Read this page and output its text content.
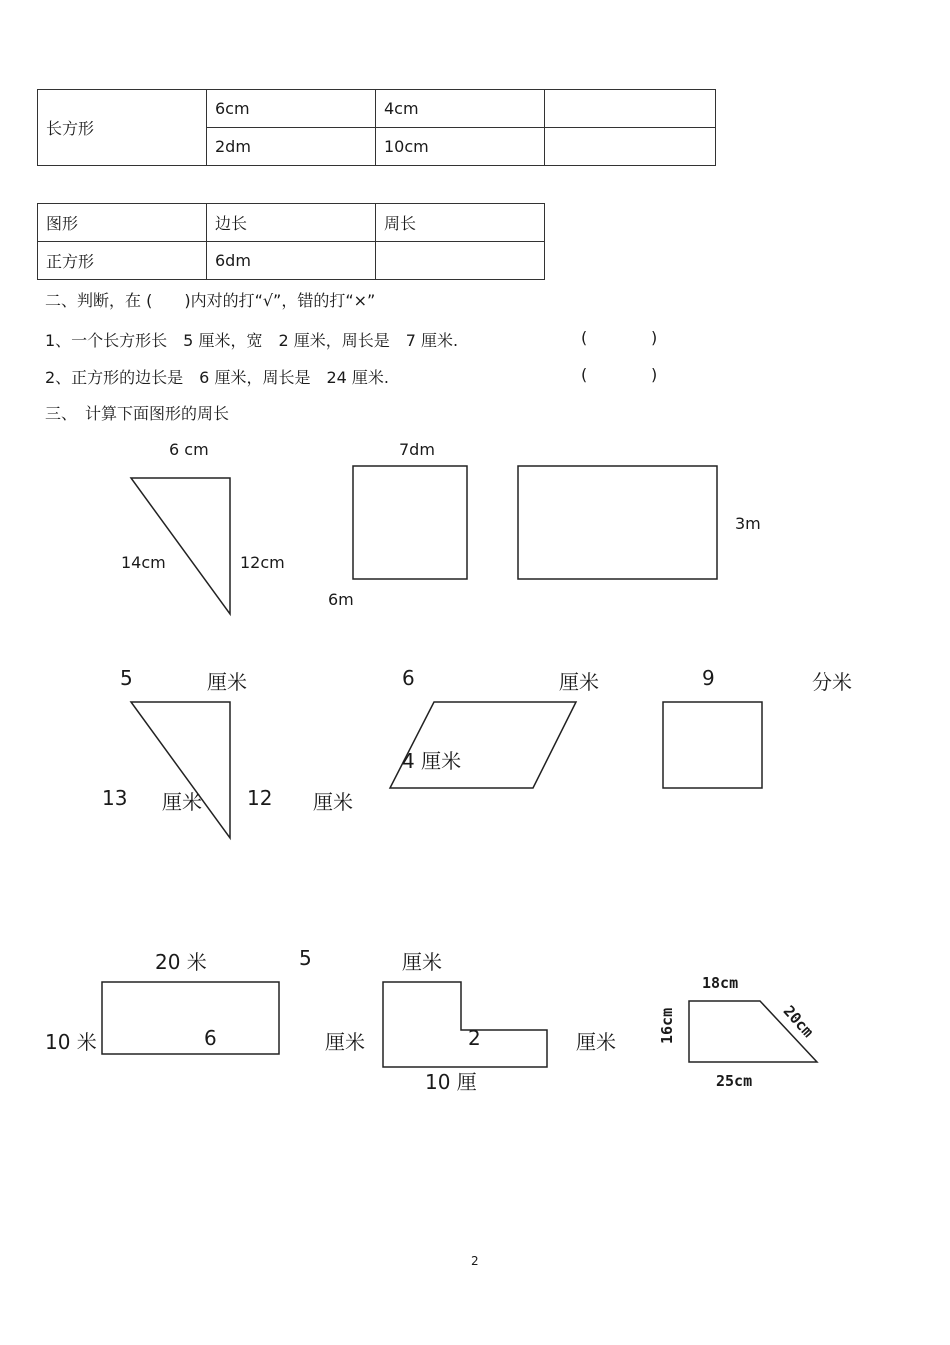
长方形	6cm	4cm	
	2dm	10cm	
图形	边长	周长
正方形	6dm	
二、判断，在 (　　)内对的打“√”，错的打“×”
1、一个长方形长　5 厘米，宽　2 厘米，周长是　7 厘米.	(	)
2、正方形的边长是　6 厘米，周长是　24 厘米.	(	)
三、　计算下面图形的周长
6 cm
14cm	12cm
7dm
6m
3m
5	厘米
13 厘米 12 厘米
6	厘米
4 厘米
9	分米
20 米
10 米	6	厘米
5	厘米
2	厘米
10 厘
18cm
16cm	20cm
25cm
2
